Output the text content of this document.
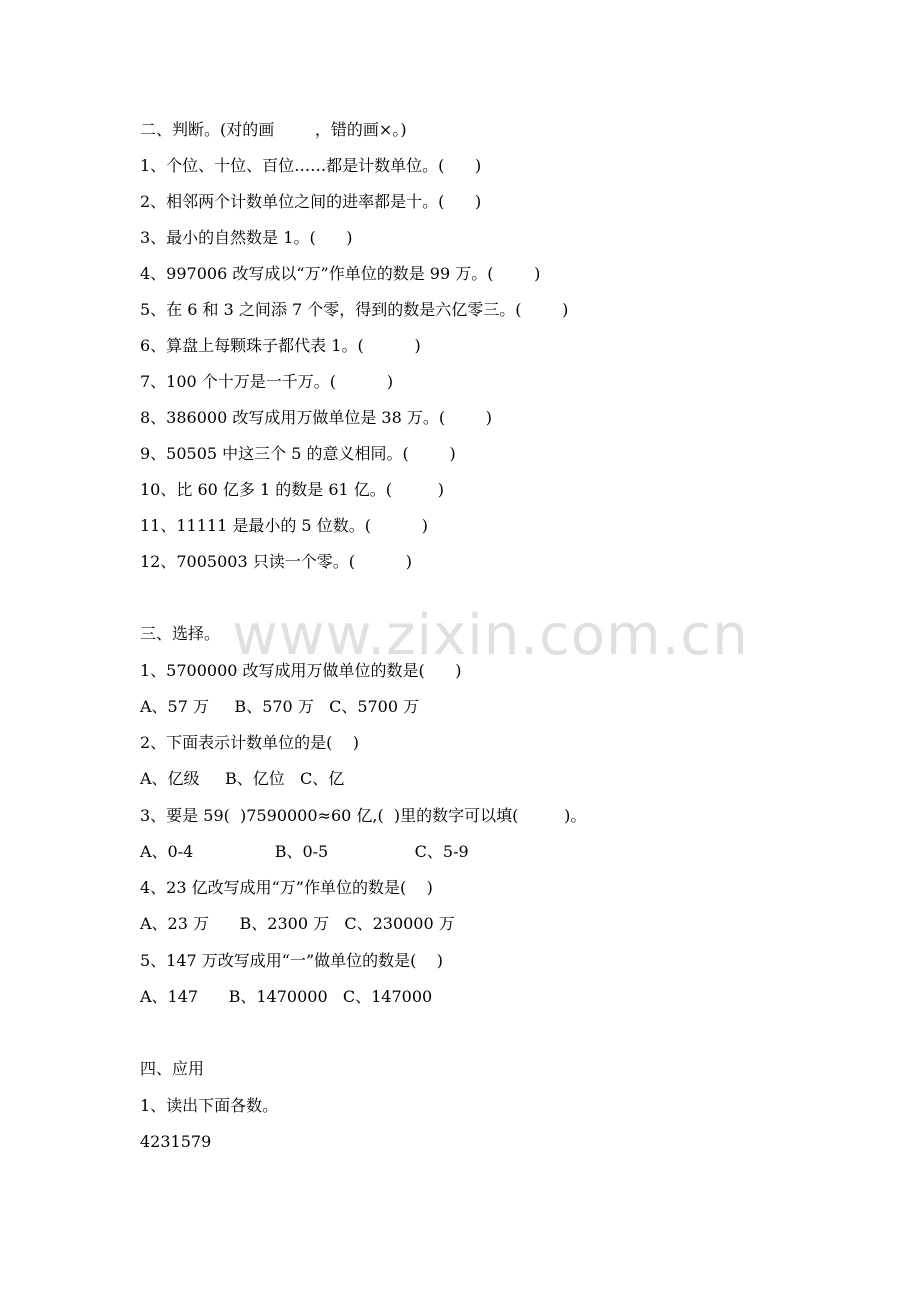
www.zixin.com.cn
二、判断。(对的画        ，错的画×。)
1、个位、十位、百位……都是计数单位。(      )
2、相邻两个计数单位之间的进率都是十。(      )
3、最小的自然数是 1。(      )
4、997006 改写成以“万”作单位的数是 99 万。(        )
5、在 6 和 3 之间添 7 个零，得到的数是六亿零三。(        )
6、算盘上每颗珠子都代表 1。(          )
7、100 个十万是一千万。(          )
8、386000 改写成用万做单位是 38 万。(        )
9、50505 中这三个 5 的意义相同。(        )
10、比 60 亿多 1 的数是 61 亿。(         )
11、11111 是最小的 5 位数。(          )
12、7005003 只读一个零。(          )
三、选择。
1、5700000 改写成用万做单位的数是(      )
A、57 万     B、570 万   C、5700 万
2、下面表示计数单位的是(    )
A、亿级     B、亿位   C、亿
3、要是 59(  )7590000≈60 亿,(  )里的数字可以填(         )。
A、0-4                B、0-5                 C、5-9
4、23 亿改写成用“万”作单位的数是(    )
A、23 万      B、2300 万   C、230000 万
5、147 万改写成用“一”做单位的数是(    )
A、147      B、1470000   C、147000
四、应用
1、读出下面各数。
4231579
